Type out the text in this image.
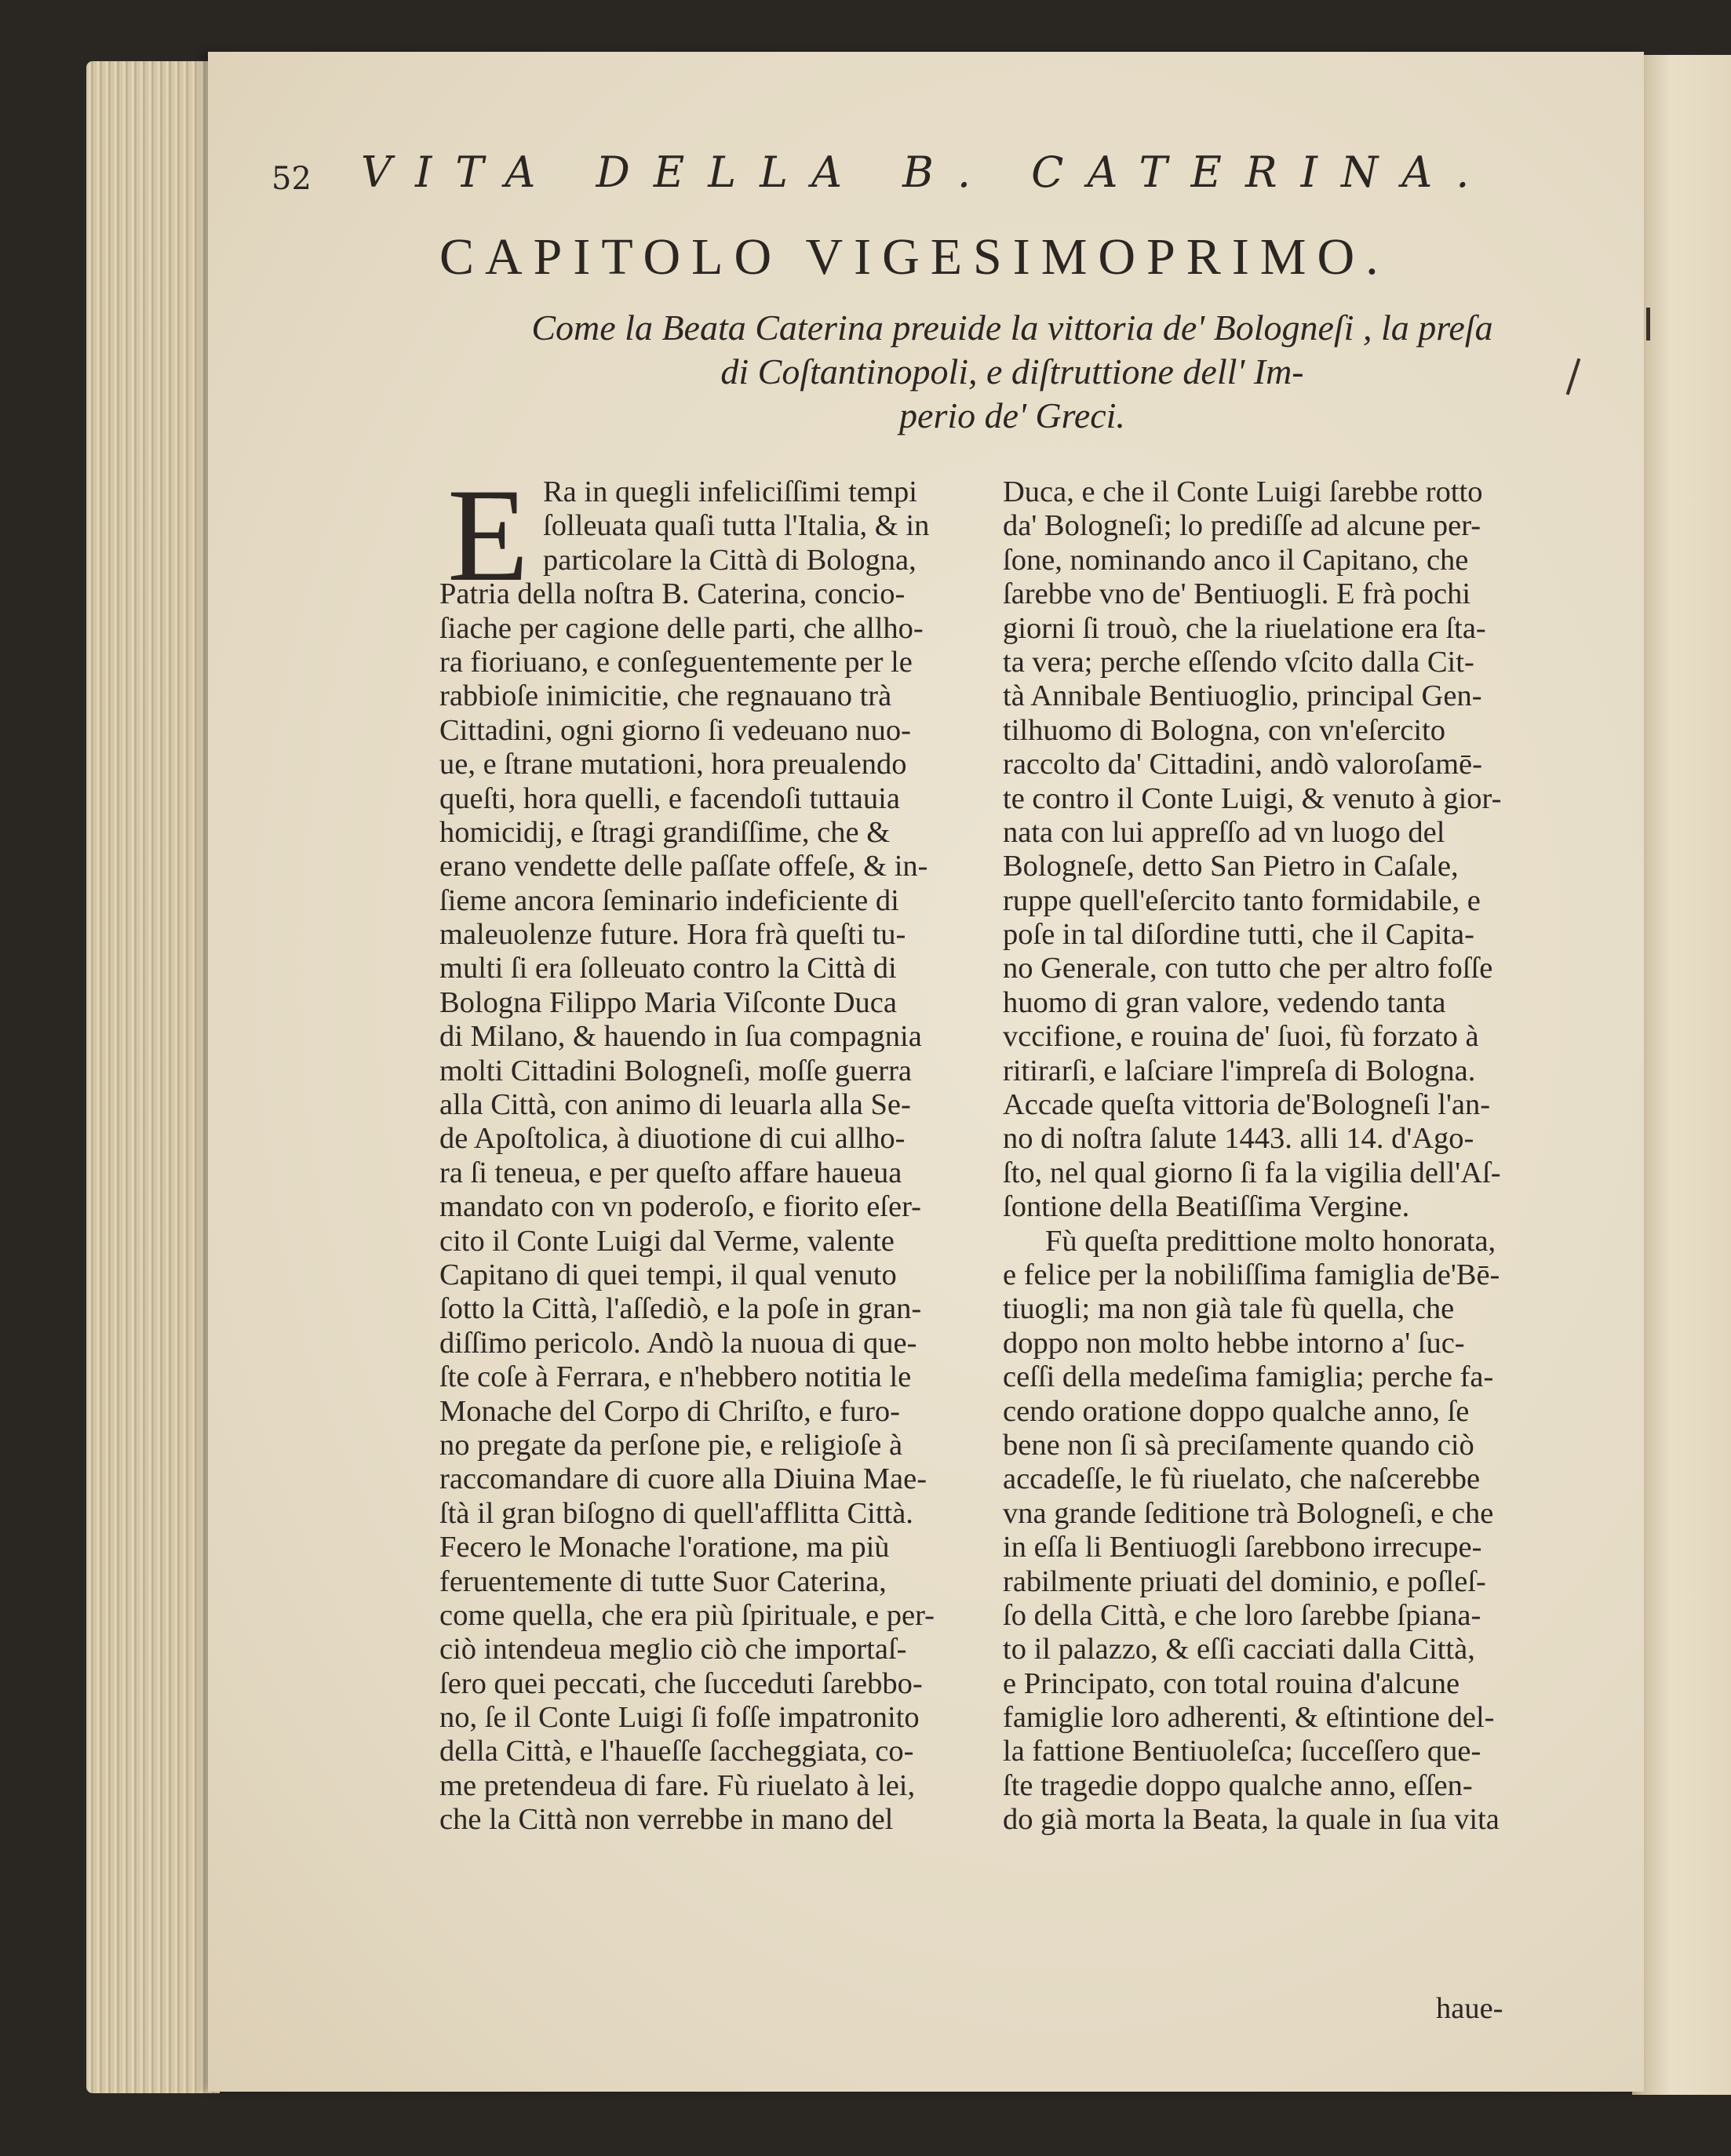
52 VITA DELLA B. CATERINA.
CAPITOLO VIGESIMOPRIMO.
Come la Beata Caterina preuide la vittoria de' Bologneſi , la preſa
di Coſtantinopoli, e diſtruttione dell' Im-
perio de' Greci.
E Ra in quegli infeliciſſimi tempi
ſolleuata quaſi tutta l'Italia, & in
particolare la Città di Bologna,
Patria della noſtra B. Caterina, concio-
ſiache per cagione delle parti, che allho-
ra fioriuano, e conſeguentemente per le
rabbioſe inimicitie, che regnauano trà
Cittadini, ogni giorno ſi vedeuano nuo-
ue, e ſtrane mutationi, hora preualendo
queſti, hora quelli, e facendoſi tuttauia
homicidij, e ſtragi grandiſſime, che &
erano vendette delle paſſate offeſe, & in-
ſieme ancora ſeminario indeficiente di
maleuolenze future. Hora frà queſti tu-
multi ſi era ſolleuato contro la Città di
Bologna Filippo Maria Viſconte Duca
di Milano, & hauendo in ſua compagnia
molti Cittadini Bologneſi, moſſe guerra
alla Città, con animo di leuarla alla Se-
de Apoſtolica, à diuotione di cui allho-
ra ſi teneua, e per queſto affare haueua
mandato con vn poderoſo, e fiorito eſer-
cito il Conte Luigi dal Verme, valente
Capitano di quei tempi, il qual venuto
ſotto la Città, l'aſſediò, e la poſe in gran-
diſſimo pericolo. Andò la nuoua di que-
ſte coſe à Ferrara, e n'hebbero notitia le
Monache del Corpo di Chriſto, e furo-
no pregate da perſone pie, e religioſe à
raccomandare di cuore alla Diuina Mae-
ſtà il gran biſogno di quell'afflitta Città.
Fecero le Monache l'oratione, ma più
feruentemente di tutte Suor Caterina,
come quella, che era più ſpirituale, e per-
ciò intendeua meglio ciò che importaſ-
ſero quei peccati, che ſucceduti ſarebbo-
no, ſe il Conte Luigi ſi foſſe impatronito
della Città, e l'haueſſe ſaccheggiata, co-
me pretendeua di fare. Fù riuelato à lei,
che la Città non verrebbe in mano del
Duca, e che il Conte Luigi ſarebbe rotto
da' Bologneſi; lo prediſſe ad alcune per-
ſone, nominando anco il Capitano, che
ſarebbe vno de' Bentiuogli. E frà pochi
giorni ſi trouò, che la riuelatione era ſta-
ta vera; perche eſſendo vſcito dalla Cit-
tà Annibale Bentiuoglio, principal Gen-
tilhuomo di Bologna, con vn'eſercito
raccolto da' Cittadini, andò valoroſamē-
te contro il Conte Luigi, & venuto à gior-
nata con lui appreſſo ad vn luogo del
Bologneſe, detto San Pietro in Caſale,
ruppe quell'eſercito tanto formidabile, e
poſe in tal diſordine tutti, che il Capita-
no Generale, con tutto che per altro foſſe
huomo di gran valore, vedendo tanta
vccifione, e rouina de' ſuoi, fù forzato à
ritirarſi, e laſciare l'impreſa di Bologna.
Accade queſta vittoria de'Bologneſi l'an-
no di noſtra ſalute 1443. alli 14. d'Ago-
ſto, nel qual giorno ſi fa la vigilia dell'Aſ-
ſontione della Beatiſſima Vergine.
Fù queſta predittione molto honorata,
e felice per la nobiliſſima famiglia de'Bē-
tiuogli; ma non già tale fù quella, che
doppo non molto hebbe intorno a' ſuc-
ceſſi della medeſima famiglia; perche fa-
cendo oratione doppo qualche anno, ſe
bene non ſi sà preciſamente quando ciò
accadeſſe, le fù riuelato, che naſcerebbe
vna grande ſeditione trà Bologneſi, e che
in eſſa li Bentiuogli ſarebbono irrecupe-
rabilmente priuati del dominio, e poſleſ-
ſo della Città, e che loro ſarebbe ſpiana-
to il palazzo, & eſſi cacciati dalla Città,
e Principato, con total rouina d'alcune
famiglie loro adherenti, & eſtintione del-
la fattione Bentiuoleſca; ſucceſſero que-
ſte tragedie doppo qualche anno, eſſen-
do già morta la Beata, la quale in ſua vita
haue-
